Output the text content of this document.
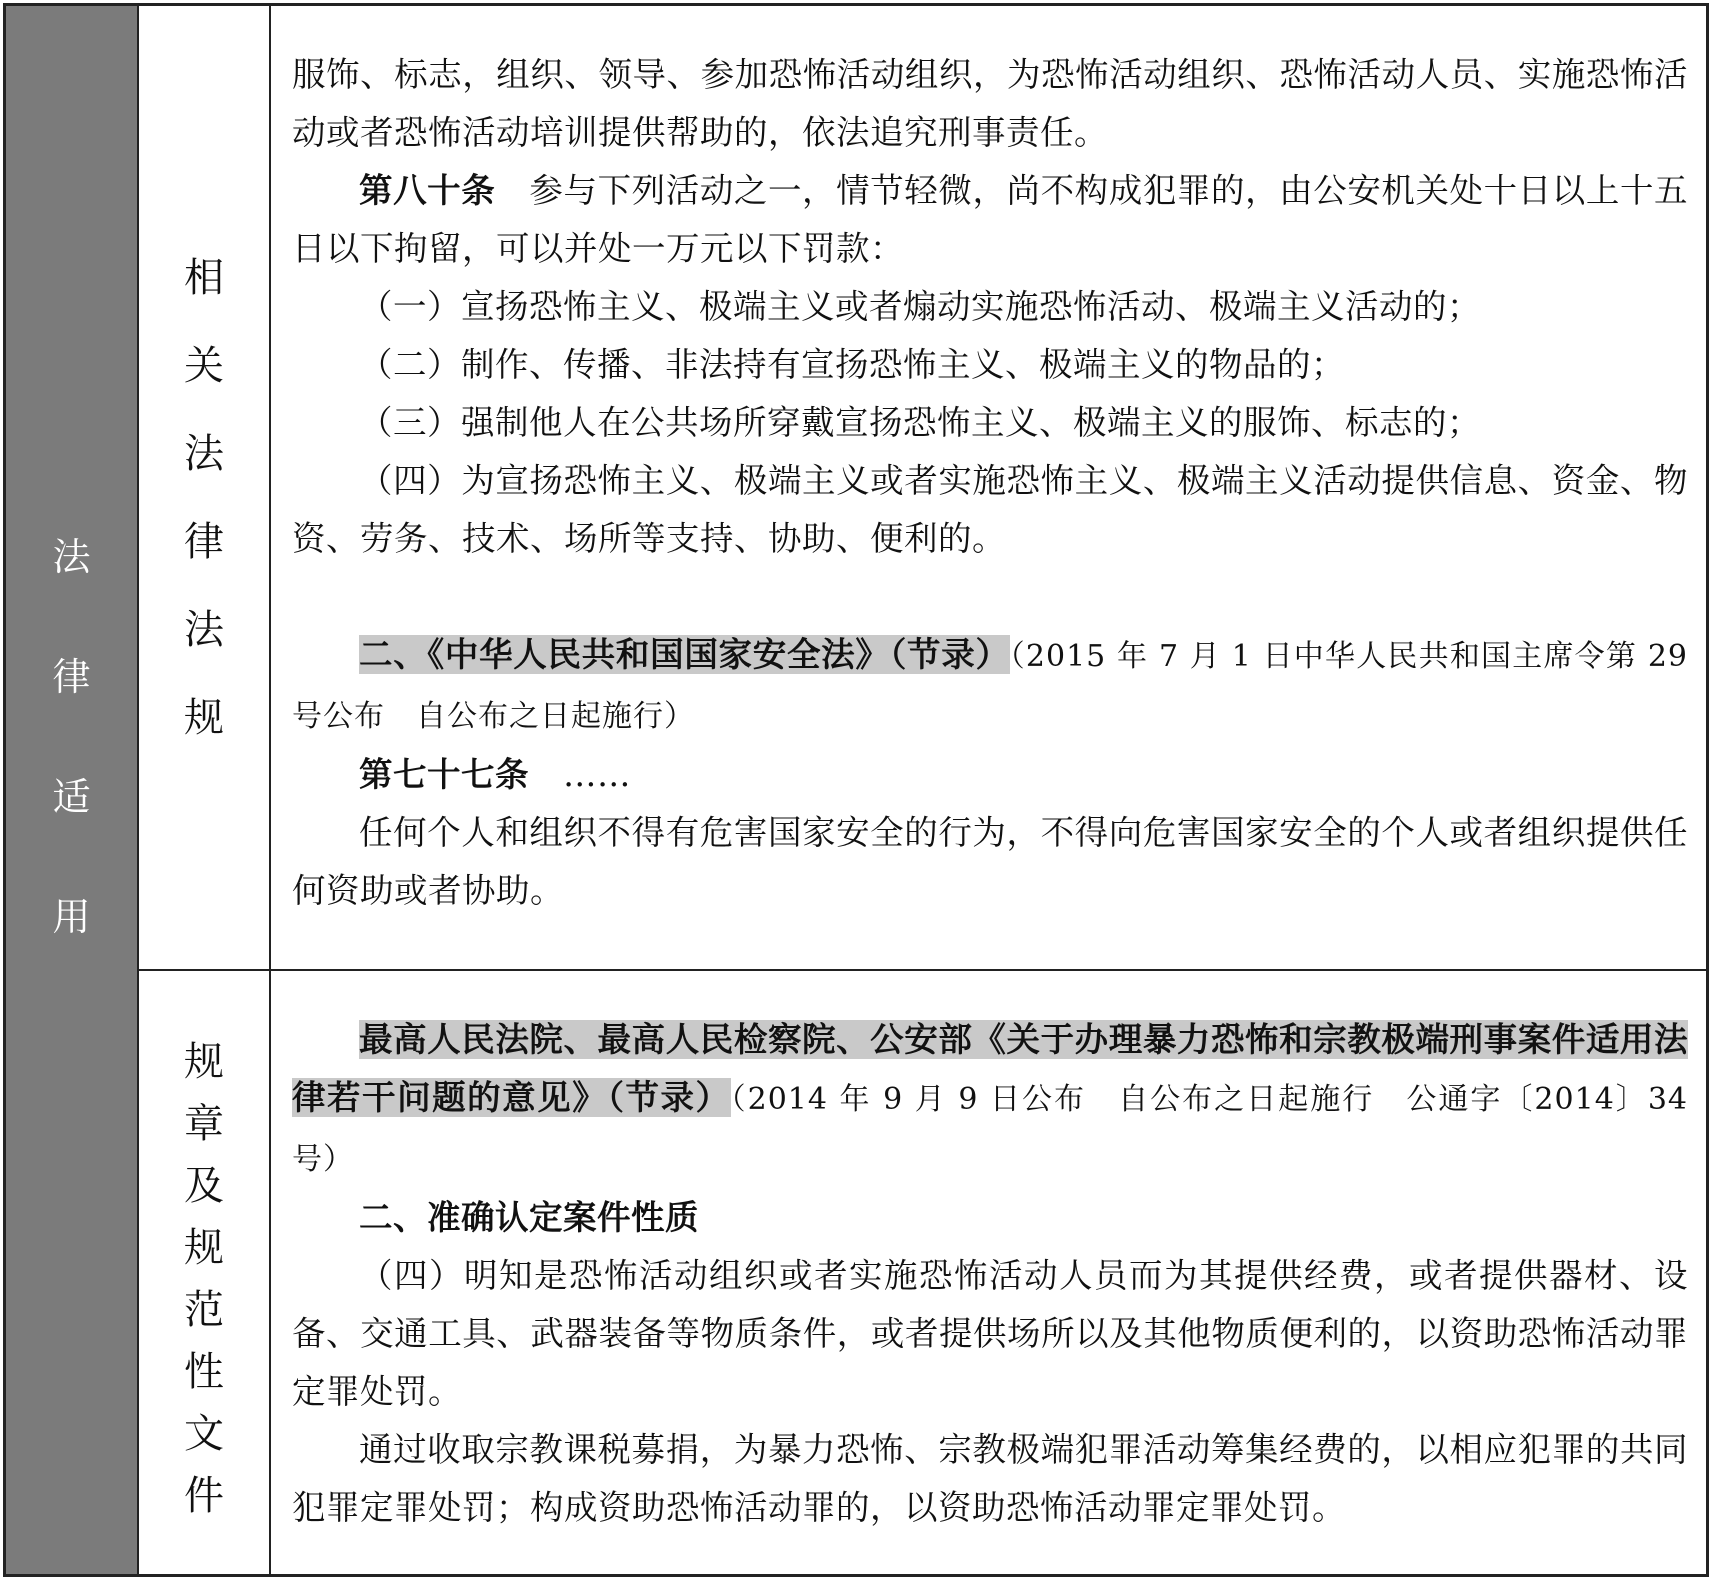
法
律
适
用
相
关
法
律
法
规

服饰、标志，组织、领导、参加恐怖活动组织，为恐怖活动组织、恐怖活动人员、实施恐怖活动或者恐怖活动培训提供帮助的，依法追究刑事责任。

第八十条　 参与下列活动之一，情节轻微，尚不构成犯罪的，由公安机关处十日以上十五日以下拘留，可以并处一万元以下罚款：

（一）宣扬恐怖主义、极端主义或者煽动实施恐怖活动、极端主义活动的；

（二）制作、传播、非法持有宣扬恐怖主义、极端主义的物品的；

（三）强制他人在公共场所穿戴宣扬恐怖主义、极端主义的服饰、标志的；

（四）为宣扬恐怖主义、极端主义或者实施恐怖主义、极端主义活动提供信息、资金、物资、劳务、技术、场所等支持、协助、便利的。

二、《中华人民共和国国家安全法》（节录）（2015 年 7 月 1 日中华人民共和国主席令第 29 号公布　自公布之日起施行）

第七十七条　 ……

任何个人和组织不得有危害国家安全的行为，不得向危害国家安全的个人或者组织提供任何资助或者协助。

规
章
及
规
范
性
文
件

最高人民法院、最高人民检察院、公安部《关于办理暴力恐怖和宗教极端刑事案件适用法律若干问题的意见》（节录）（2014 年 9 月 9 日公布　自公布之日起施行　公通字〔2014〕34 号）

二、准确认定案件性质

（四）明知是恐怖活动组织或者实施恐怖活动人员而为其提供经费，或者提供器材、设备、交通工具、武器装备等物质条件，或者提供场所以及其他物质便利的，以资助恐怖活动罪定罪处罚。

通过收取宗教课税募捐，为暴力恐怖、宗教极端犯罪活动筹集经费的，以相应犯罪的共同犯罪定罪处罚；构成资助恐怖活动罪的，以资助恐怖活动罪定罪处罚。
